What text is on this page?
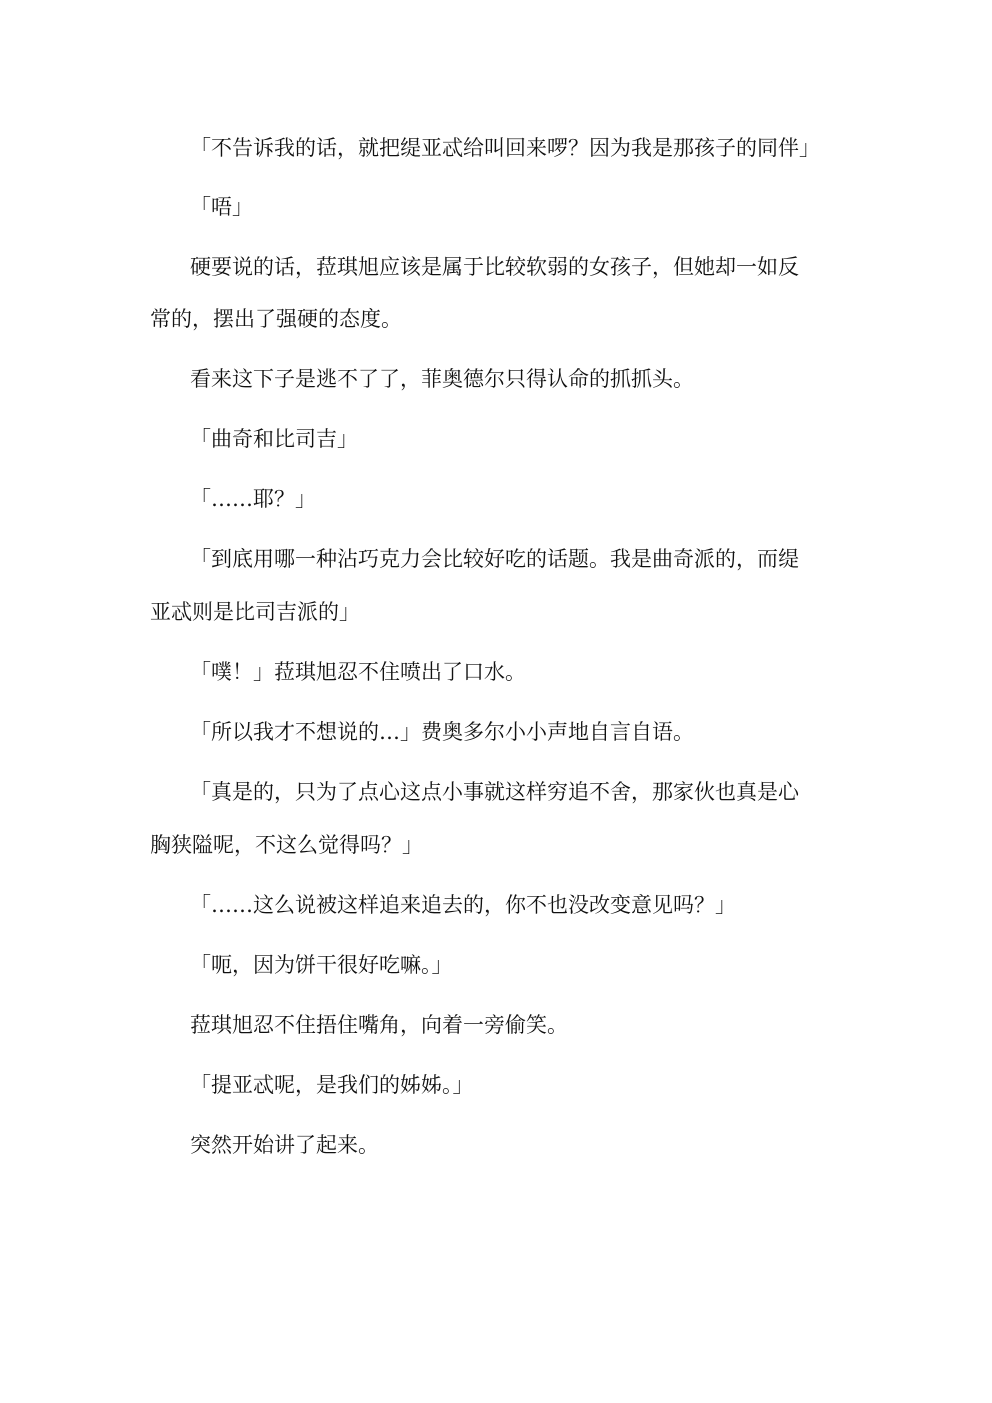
「不告诉我的话，就把缇亚忒给叫回来啰？因为我是那孩子的同伴」
「唔」
硬要说的话，菈琪旭应该是属于比较软弱的女孩子，但她却一如反
常的，摆出了强硬的态度。
看来这下子是逃不了了，菲奥德尔只得认命的抓抓头。
「曲奇和比司吉」
「……耶？」
「到底用哪一种沾巧克力会比较好吃的话题。我是曲奇派的，而缇
亚忒则是比司吉派的」
「噗！」菈琪旭忍不住喷出了口水。
「所以我才不想说的…」费奥多尔小小声地自言自语。
「真是的，只为了点心这点小事就这样穷追不舍，那家伙也真是心
胸狭隘呢，不这么觉得吗？」
「……这么说被这样追来追去的，你不也没改变意见吗？」
「呃，因为饼干很好吃嘛。」
菈琪旭忍不住捂住嘴角，向着一旁偷笑。
「提亚忒呢，是我们的姊姊。」
突然开始讲了起来。
